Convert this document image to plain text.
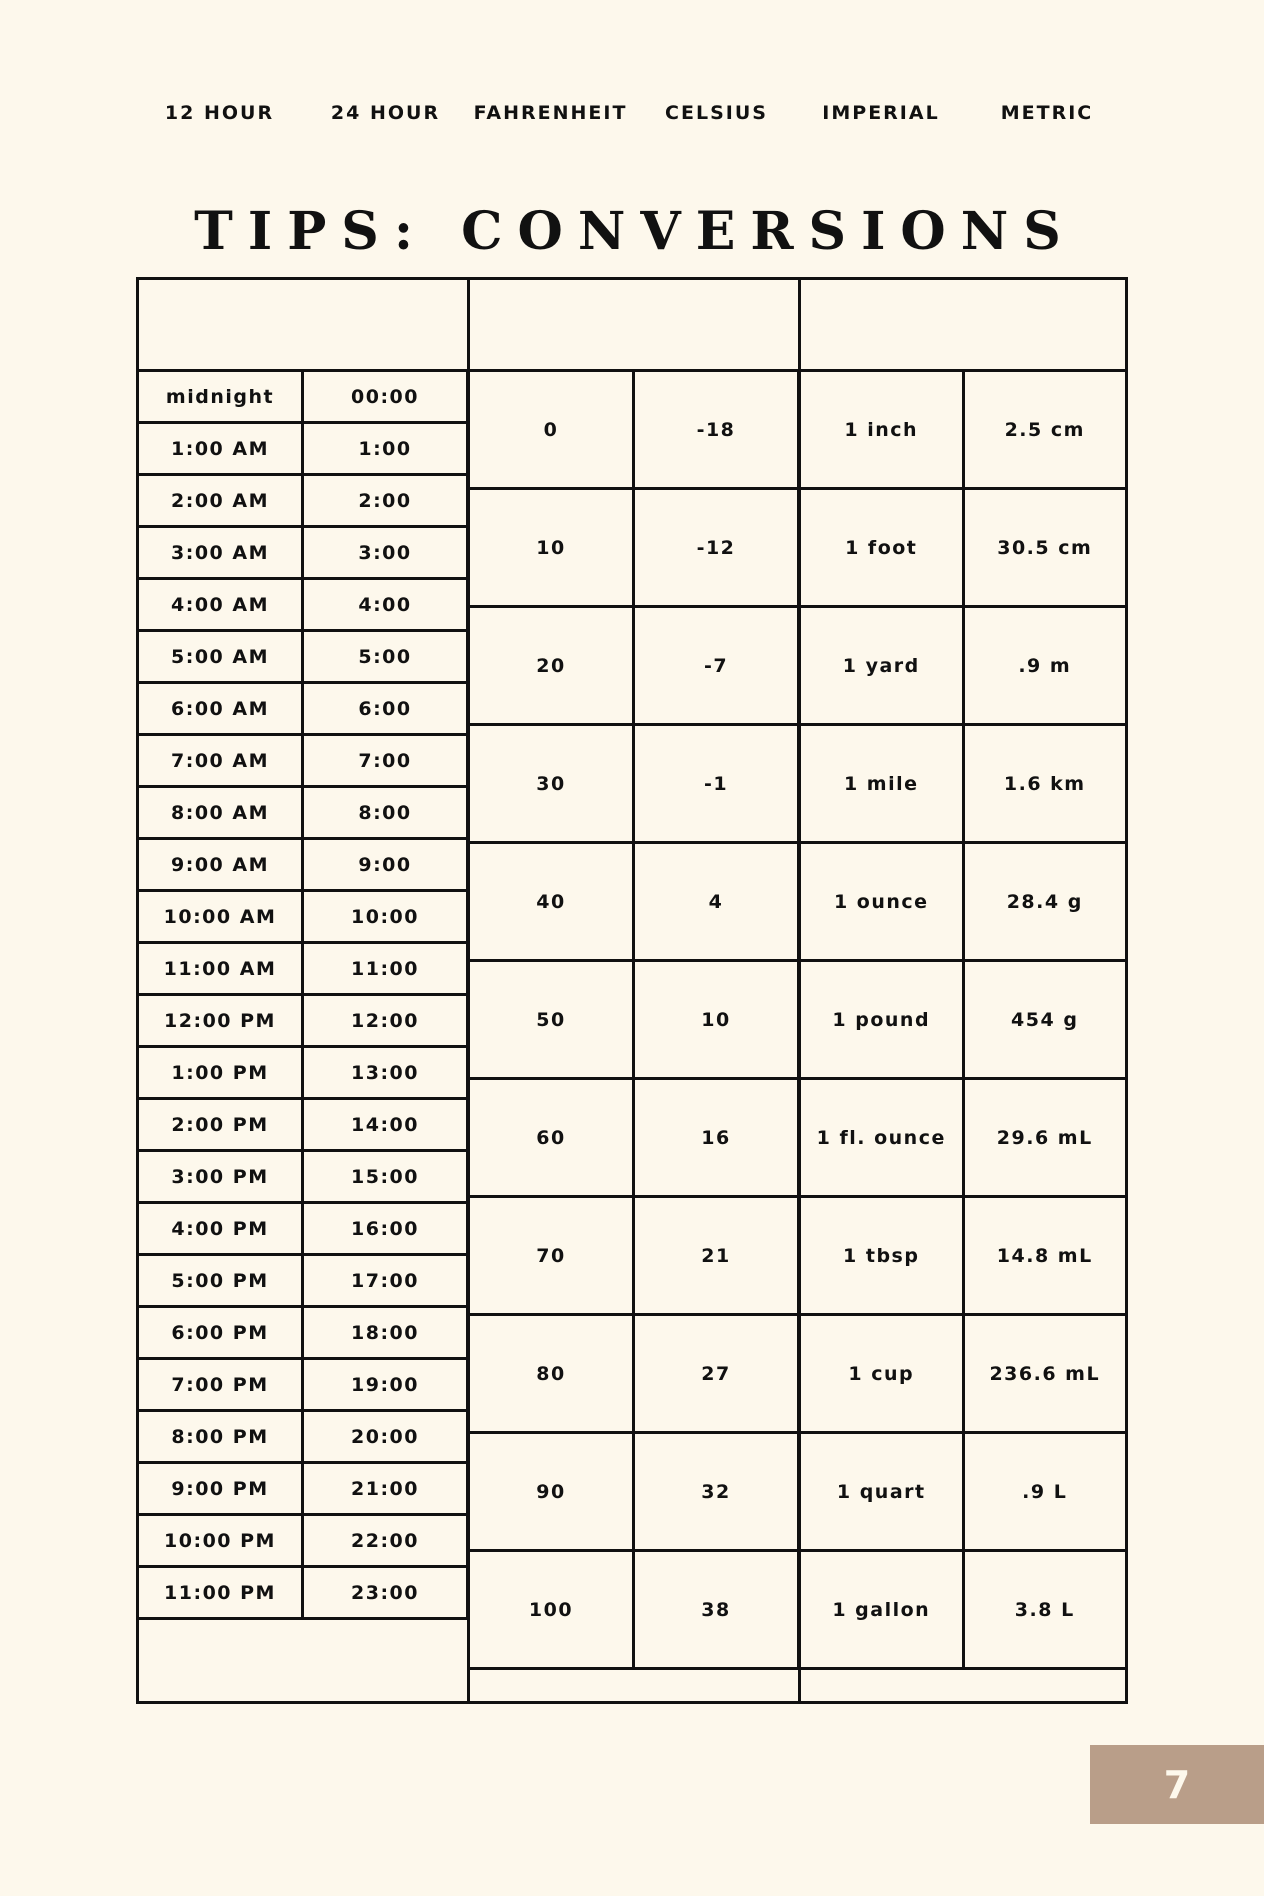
TIPS: CONVERSIONS
12 HOUR	24 HOUR	FAHRENHEIT	CELSIUS	IMPERIAL	METRIC
midnight	00:00
1:00 AM	1:00
2:00 AM	2:00
3:00 AM	3:00
4:00 AM	4:00
5:00 AM	5:00
6:00 AM	6:00
7:00 AM	7:00
8:00 AM	8:00
9:00 AM	9:00
10:00 AM	10:00
11:00 AM	11:00
12:00 PM	12:00
1:00 PM	13:00
2:00 PM	14:00
3:00 PM	15:00
4:00 PM	16:00
5:00 PM	17:00
6:00 PM	18:00
7:00 PM	19:00
8:00 PM	20:00
9:00 PM	21:00
10:00 PM	22:00
11:00 PM	23:00
0	-18
10	-12
20	-7
30	-1
40	4
50	10
60	16
70	21
80	27
90	32
100	38
1 inch	2.5 cm
1 foot	30.5 cm
1 yard	.9 m
1 mile	1.6 km
1 ounce	28.4 g
1 pound	454 g
1 fl. ounce	29.6 mL
1 tbsp	14.8 mL
1 cup	236.6 mL
1 quart	.9 L
1 gallon	3.8 L
7
